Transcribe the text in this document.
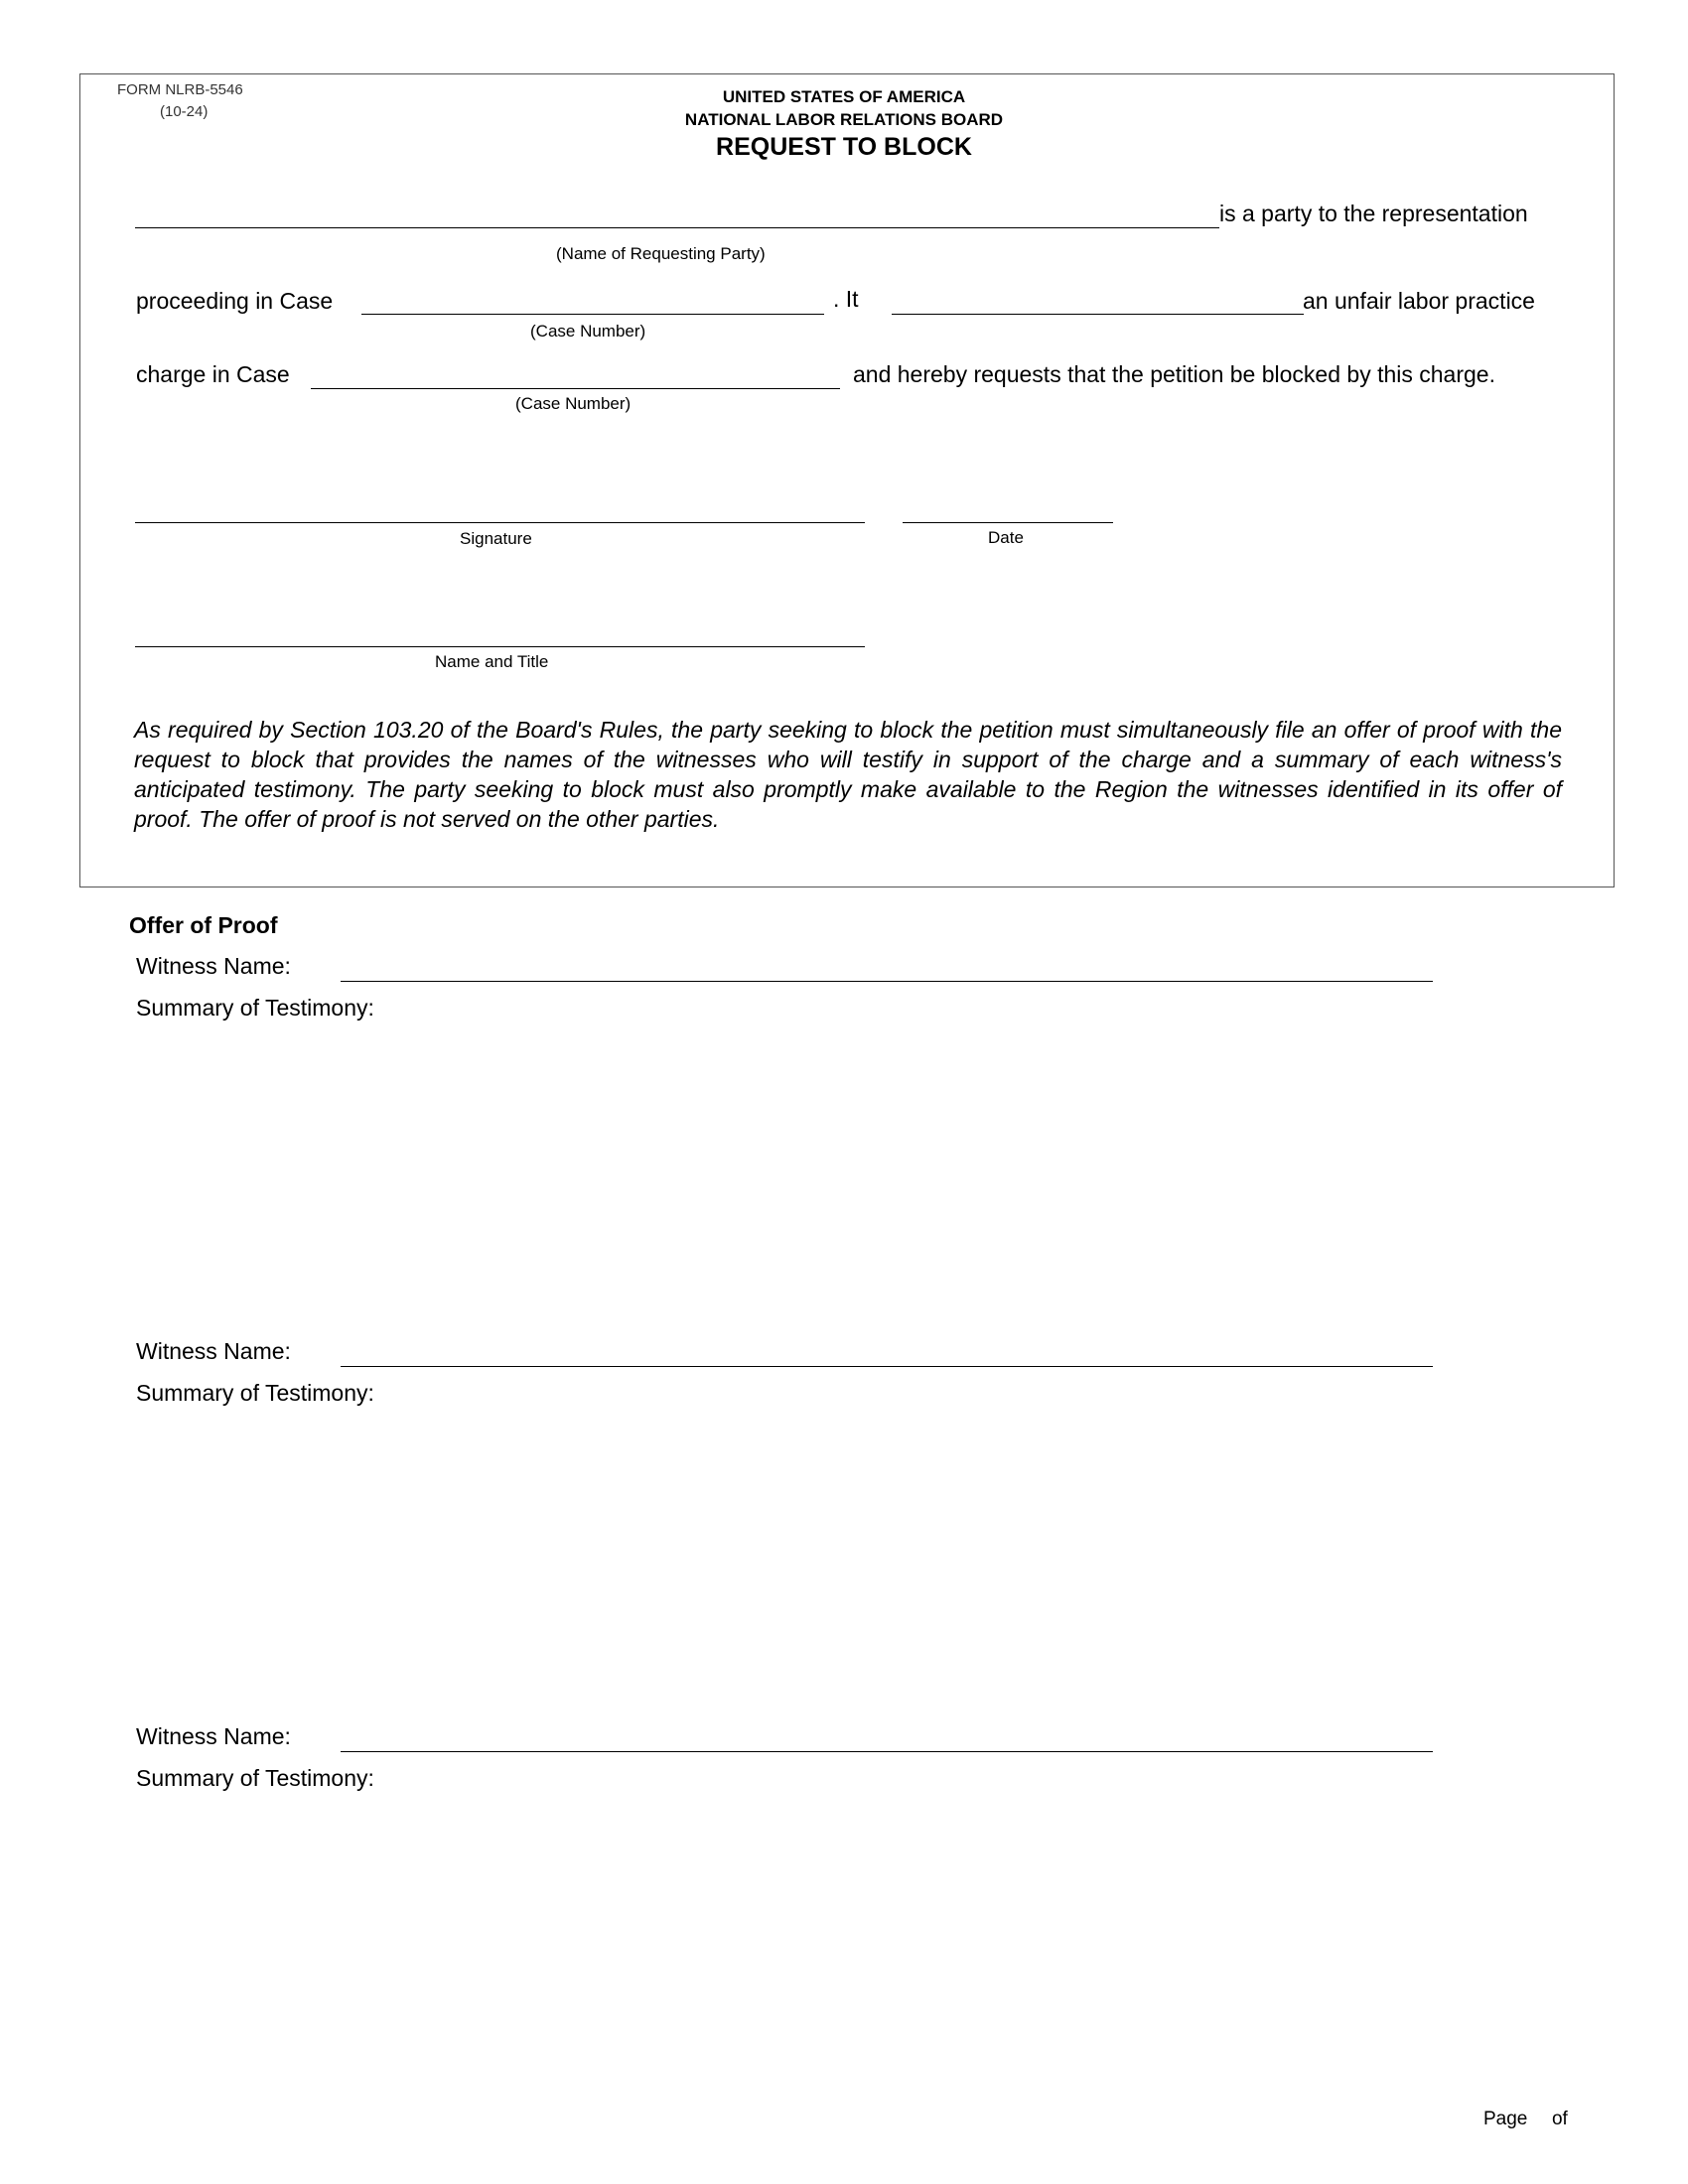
FORM NLRB-5546
(10-24)
UNITED STATES OF AMERICA
NATIONAL LABOR RELATIONS BOARD
REQUEST TO BLOCK
is a party to the representation
(Name of Requesting Party)
proceeding in Case	. It	an unfair labor practice
(Case Number)
charge in Case	and hereby requests that the petition be blocked by this charge.
(Case Number)
Signature	Date
Name and Title
As required by Section 103.20 of the Board's Rules, the party seeking to block the petition must simultaneously file an offer of proof with the request to block that provides the names of the witnesses who will testify in support of the charge and a summary of each witness's anticipated testimony. The party seeking to block must also promptly make available to the Region the witnesses identified in its offer of proof. The offer of proof is not served on the other parties.
Offer of Proof
Witness Name:
Summary of Testimony:
Witness Name:
Summary of Testimony:
Witness Name:
Summary of Testimony:
Page of
